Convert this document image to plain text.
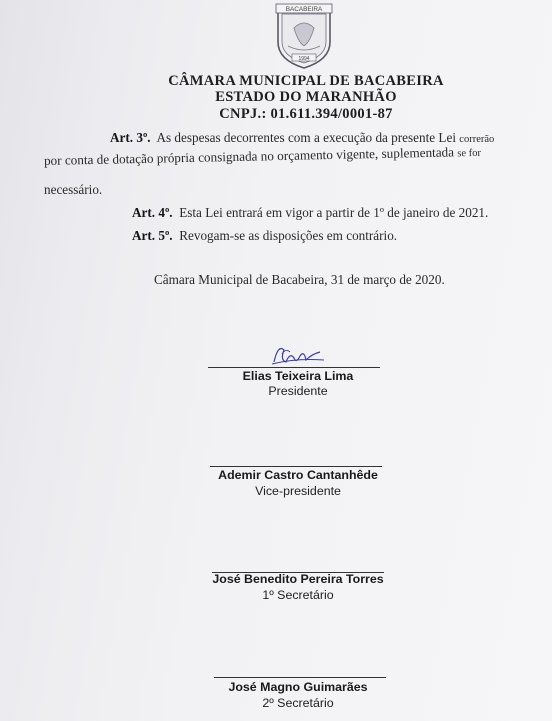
BACABEIRA
1994
CÂMARA MUNICIPAL DE BACABEIRA
ESTADO DO MARANHÃO
CNPJ.: 01.611.394/0001-87
Art. 3º. As despesas decorrentes com a execução da presente Lei correrão
por conta de dotação própria consignada no orçamento vigente, suplementada se for
necessário.
Art. 4º. Esta Lei entrará em vigor a partir de 1º de janeiro de 2021.
Art. 5º. Revogam-se as disposições em contrário.
Câmara Municipal de Bacabeira, 31 de março de 2020.
Elias Teixeira Lima
Presidente
Ademir Castro Cantanhêde
Vice-presidente
José Benedito Pereira Torres
1º Secretário
José Magno Guimarães
2º Secretário
